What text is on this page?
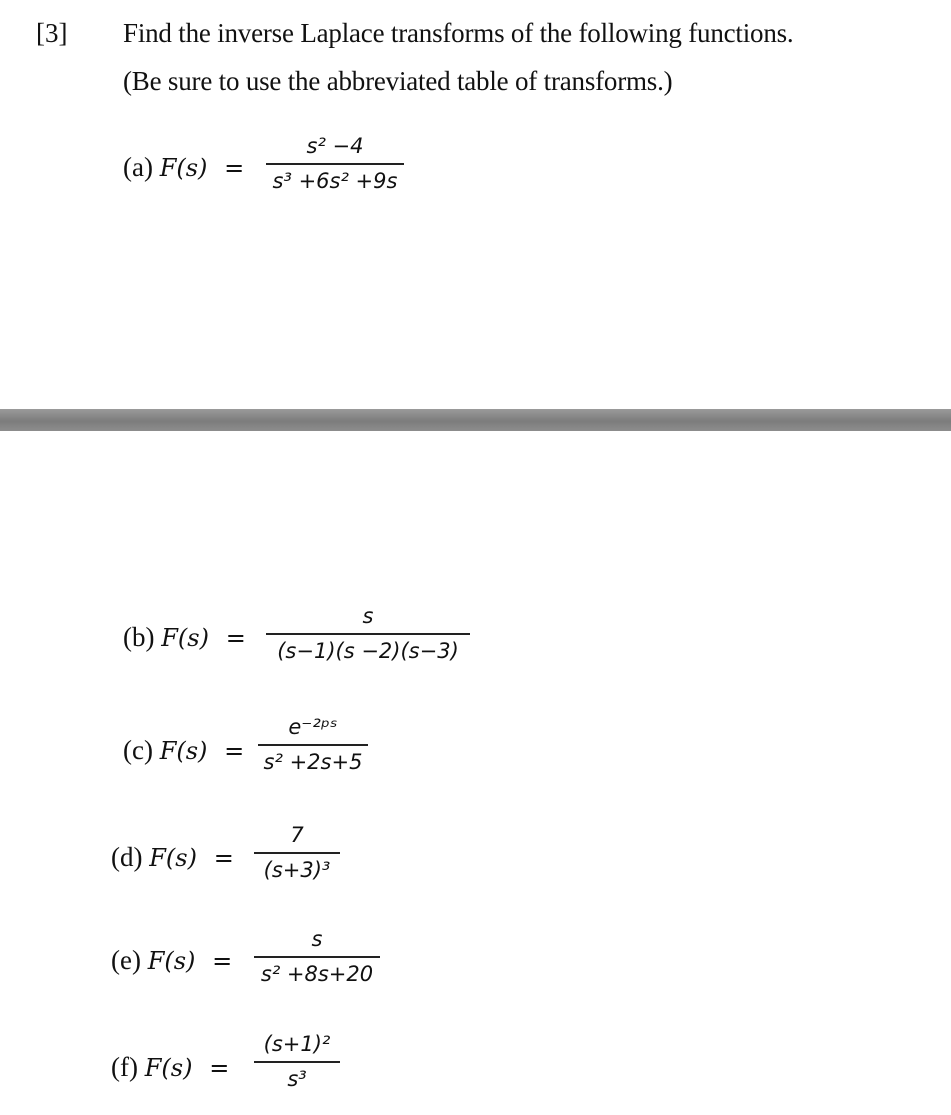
[3] Find the inverse Laplace transforms of the following functions.
(Be sure to use the abbreviated table of transforms.)
(a) F(s) =
s² −4
s³ +6s² +9s
(b) F(s) =
s
(s−1)(s −2)(s−3)
(c) F(s) =
e⁻²ᵖˢ
s² +2s+5
(d) F(s) =
7
(s+3)³
(e) F(s) =
s
s² +8s+20
(f) F(s) =
(s+1)²
s³
